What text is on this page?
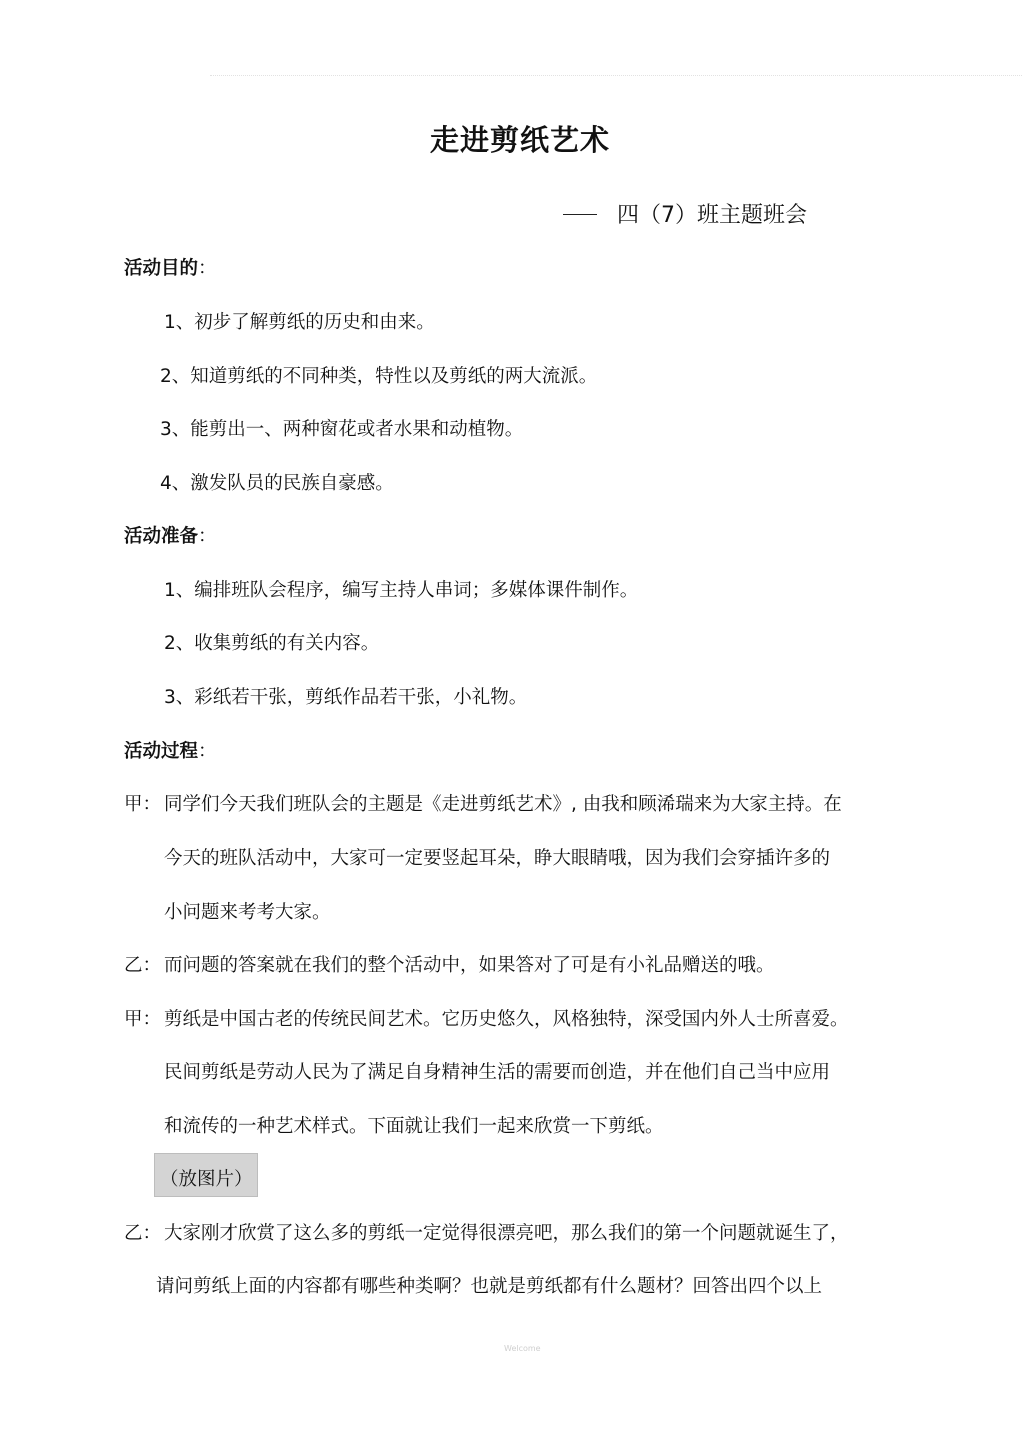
走进剪纸艺术
四（7）班主题班会
活动目的：
1、初步了解剪纸的历史和由来。
2、知道剪纸的不同种类，特性以及剪纸的两大流派。
3、能剪出一、两种窗花或者水果和动植物。
4、激发队员的民族自豪感。
活动准备：
1、编排班队会程序，编写主持人串词；多媒体课件制作。
2、收集剪纸的有关内容。
3、彩纸若干张，剪纸作品若干张，小礼物。
活动过程：
甲： 同学们今天我们班队会的主题是《走进剪纸艺术》, 由我和顾浠瑞来为大家主持。在
今天的班队活动中，大家可一定要竖起耳朵，睁大眼睛哦，因为我们会穿插许多的
小问题来考考大家。
乙： 而问题的答案就在我们的整个活动中，如果答对了可是有小礼品赠送的哦。
甲： 剪纸是中国古老的传统民间艺术。它历史悠久，风格独特，深受国内外人士所喜爱。
民间剪纸是劳动人民为了满足自身精神生活的需要而创造，并在他们自己当中应用
和流传的一种艺术样式。下面就让我们一起来欣赏一下剪纸。
（放图片）
乙： 大家刚才欣赏了这么多的剪纸一定觉得很漂亮吧，那么我们的第一个问题就诞生了，
请问剪纸上面的内容都有哪些种类啊？也就是剪纸都有什么题材？回答出四个以上
Welcome
